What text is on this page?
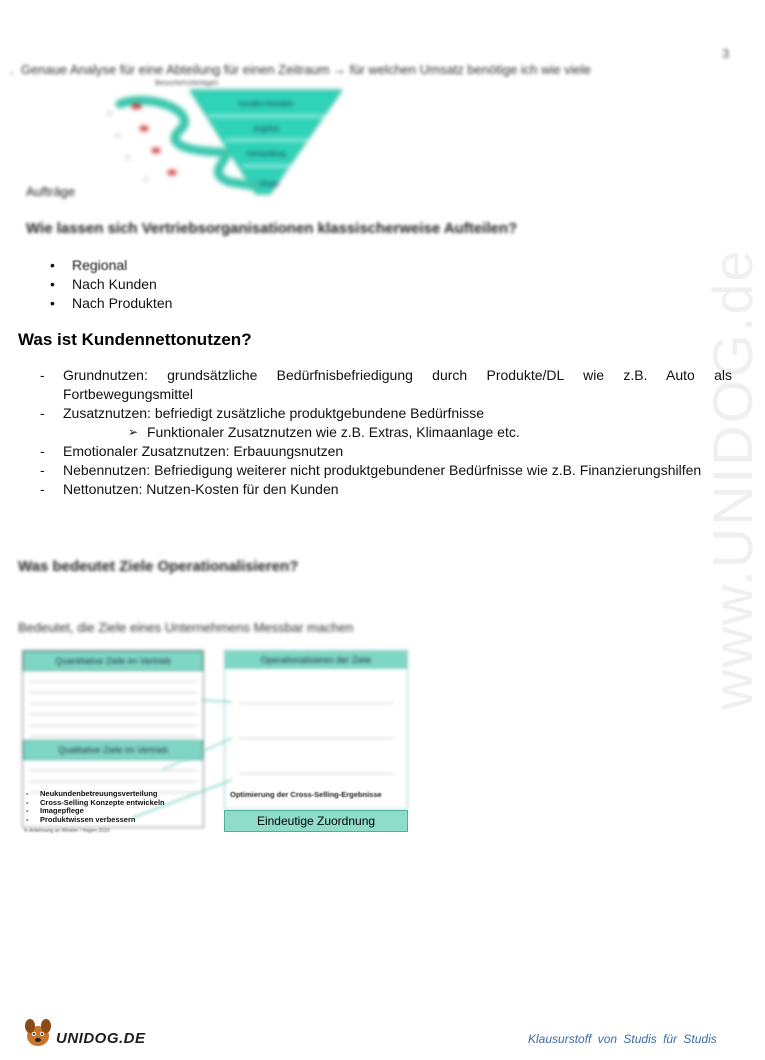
www.UNIDOG.de
3
.  Genaue Analyse für eine Abteilung für einen Zeitraum → für welchen Umsatz benötige ich wie viele
Besuche/Unterlagen
Kunden Kontakte
Angebot
Verhandlung
Aufträge
0
0
0
0
Aufträge
Wie lassen sich Vertriebsorganisationen klassischerweise Aufteilen?
• Regional
• Nach Kunden
• Nach Produkten
Was ist Kundennettonutzen?
- Grundnutzen: grundsätzliche Bedürfnisbefriedigung durch Produkte/DL wie z.B. Auto als Fortbewegungsmittel
- Zusatznutzen: befriedigt zusätzliche produktgebundene Bedürfnisse
➢ Funktionaler Zusatznutzen wie z.B. Extras, Klimaanlage etc.
- Emotionaler Zusatznutzen: Erbauungsnutzen
- Nebennutzen: Befriedigung weiterer nicht produktgebundener Bedürfnisse wie z.B. Finanzierungshilfen
- Nettonutzen: Nutzen-Kosten für den Kunden
Was bedeutet Ziele Operationalisieren?
Bedeutet, die Ziele eines Unternehmens Messbar machen
Quantitative Ziele im Vertrieb
Qualitative Ziele im Vertrieb
Operationalisieren der Ziele
- Neukundenbetreuungsverteilung
- Cross-Selling Konzepte entwickeln
- Imagepflege
- Produktwissen verbessern
Optimierung der Cross-Selling-Ergebnisse
Eindeutige Zuordnung
In Anlehnung an Winkler / Hagen 2010
UNIDOG.DE	Klausurstoff von Studis für Studis
